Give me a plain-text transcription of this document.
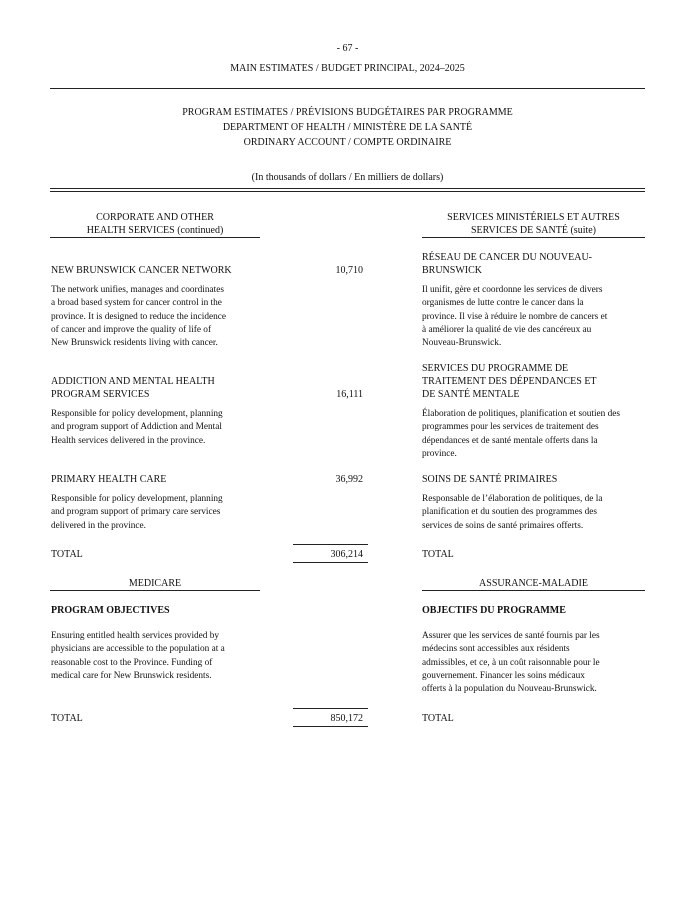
- 67 -
MAIN ESTIMATES / BUDGET PRINCIPAL, 2024–2025
PROGRAM ESTIMATES / PRÉVISIONS BUDGÉTAIRES PAR PROGRAMME
DEPARTMENT OF HEALTH / MINISTÈRE DE LA SANTÉ
ORDINARY ACCOUNT / COMPTE ORDINAIRE
(In thousands of dollars / En milliers de dollars)
CORPORATE AND OTHER
HEALTH SERVICES (continued)
SERVICES MINISTÉRIELS ET AUTRES
SERVICES DE SANTÉ (suite)
NEW BRUNSWICK CANCER NETWORK	10,710
RÉSEAU DE CANCER DU NOUVEAU-
BRUNSWICK
The network unifies, manages and coordinates
a broad based system for cancer control in the
province. It is designed to reduce the incidence
of cancer and improve the quality of life of
New Brunswick residents living with cancer.
Il unifit, gère et coordonne les services de divers
organismes de lutte contre le cancer dans la
province. Il vise à réduire le nombre de cancers et
à améliorer la qualité de vie des cancéreux au
Nouveau-Brunswick.
ADDICTION AND MENTAL HEALTH
PROGRAM SERVICES	16,111
SERVICES DU PROGRAMME DE
TRAITEMENT DES DÉPENDANCES ET
DE SANTÉ MENTALE
Responsible for policy development, planning
and program support of Addiction and Mental
Health services delivered in the province.
Élaboration de politiques, planification et soutien des
programmes pour les services de traitement des
dépendances et de santé mentale offerts dans la
province.
PRIMARY HEALTH CARE	36,992	SOINS DE SANTÉ PRIMAIRES
Responsible for policy development, planning
and program support of primary care services
delivered in the province.
Responsable de l’élaboration de politiques, de la
planification et du soutien des programmes des
services de soins de santé primaires offerts.
TOTAL	306,214	TOTAL
MEDICARE	ASSURANCE-MALADIE
PROGRAM OBJECTIVES	OBJECTIFS DU PROGRAMME
Ensuring entitled health services provided by
physicians are accessible to the population at a
reasonable cost to the Province. Funding of
medical care for New Brunswick residents.
Assurer que les services de santé fournis par les
médecins sont accessibles aux résidents
admissibles, et ce, à un coût raisonnable pour le
gouvernement. Financer les soins médicaux
offerts à la population du Nouveau-Brunswick.
TOTAL	850,172	TOTAL
